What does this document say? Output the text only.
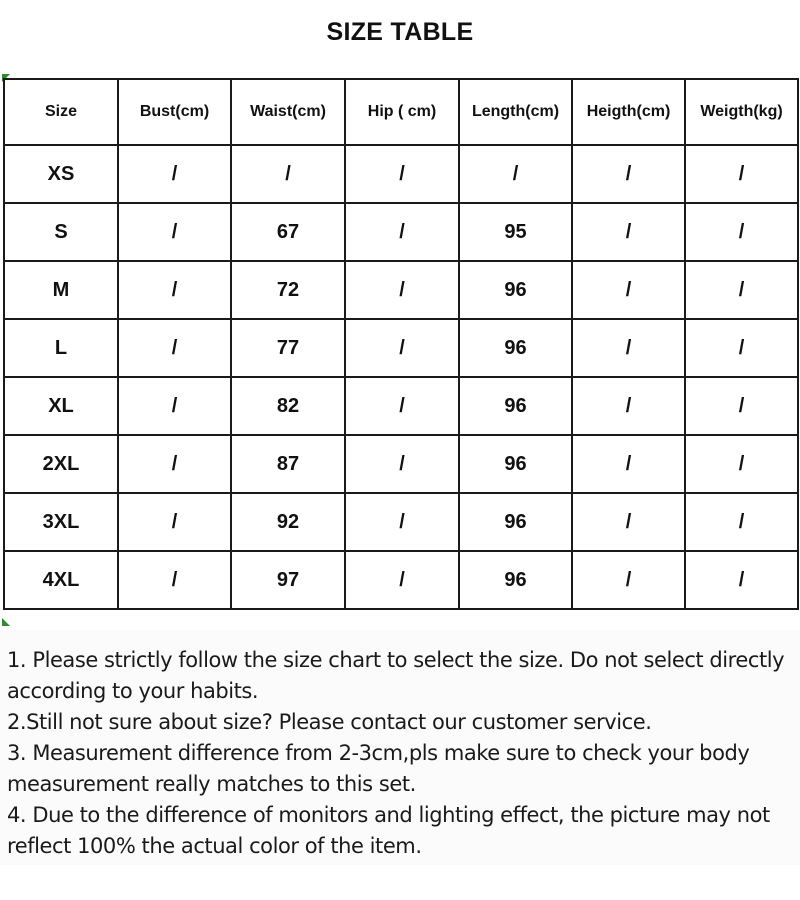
SIZE TABLE
Size	Bust(cm)	Waist(cm)	Hip ( cm)	Length(cm)	Heigth(cm)	Weigth(kg)
XS	/	/	/	/	/	/
S	/	67	/	95	/	/
M	/	72	/	96	/	/
L	/	77	/	96	/	/
XL	/	82	/	96	/	/
2XL	/	87	/	96	/	/
3XL	/	92	/	96	/	/
4XL	/	97	/	96	/	/

1. Please strictly follow the size chart to select the size. Do not select directly

according to your habits.

2.Still not sure about size? Please contact our customer service.

3. Measurement difference from 2-3cm,pls make sure to check your body

measurement really matches to this set.

4. Due to the difference of monitors and lighting effect, the picture may not

reflect 100% the actual color of the item.
